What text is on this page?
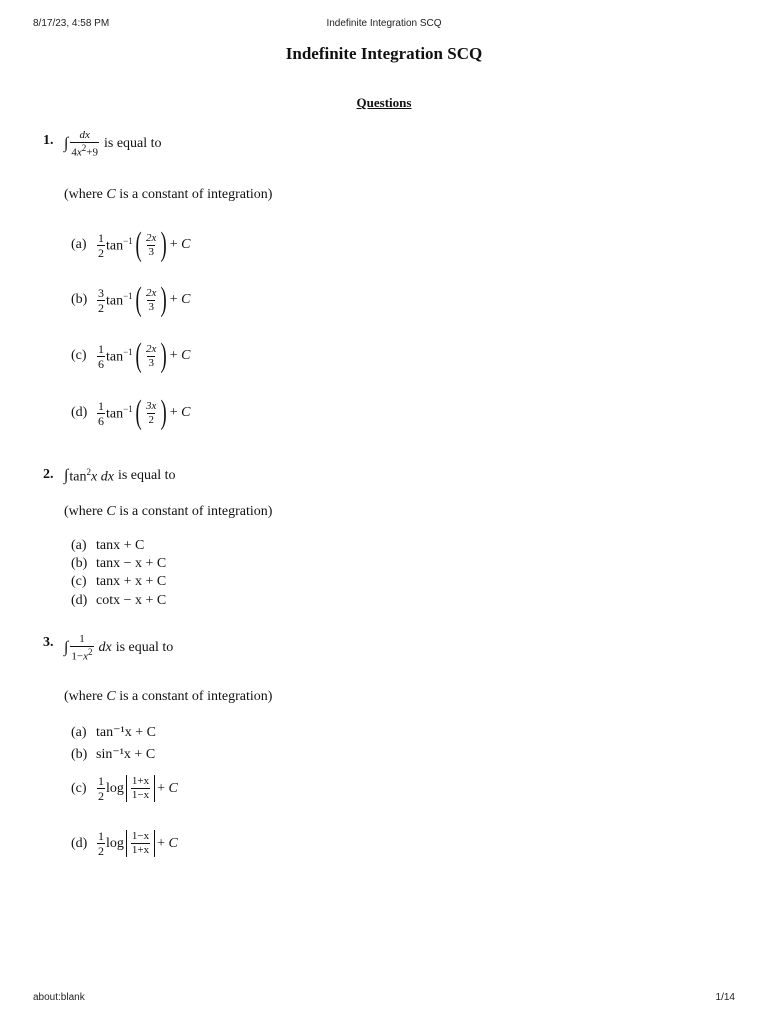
8/17/23, 4:58 PM	Indefinite Integration SCQ
Indefinite Integration SCQ
Questions
1. ∫ $\frac{dx}{4x^2+9}$ is equal to
(where C is a constant of integration)
$(a) \frac{1}{2} \tan^{-1}$ ( $\frac{2x}{3}$ ) + C
$(b) \frac{3}{2} \tan^{-1}$ ( $\frac{2x}{3}$ ) + C
$(c) \frac{1}{6} \tan^{-1}$ ( $\frac{2x}{3}$ ) + C
$(d) \frac{1}{6} \tan^{-1}$ ( $\frac{3x}{2}$ ) + C
2. ∫ $\tan^2x$ dx is equal to
(where C is a constant of integration)
(a) tanx + C
(b) tanx − x + C
(c) tanx + x + C
(d) cotx − x + C
3. ∫ $\frac{1}{1-x^2}$ dx is equal to
(where C is a constant of integration)
(a) tan⁻¹x + C
(b) sin⁻¹x + C
$(c) \frac{1}{2}$ $\log \frac{1+x}{1-x} + C$
$(d) \frac{1}{2}$ $\log \frac{1-x}{1+x} + C$
about:blank	1/14
